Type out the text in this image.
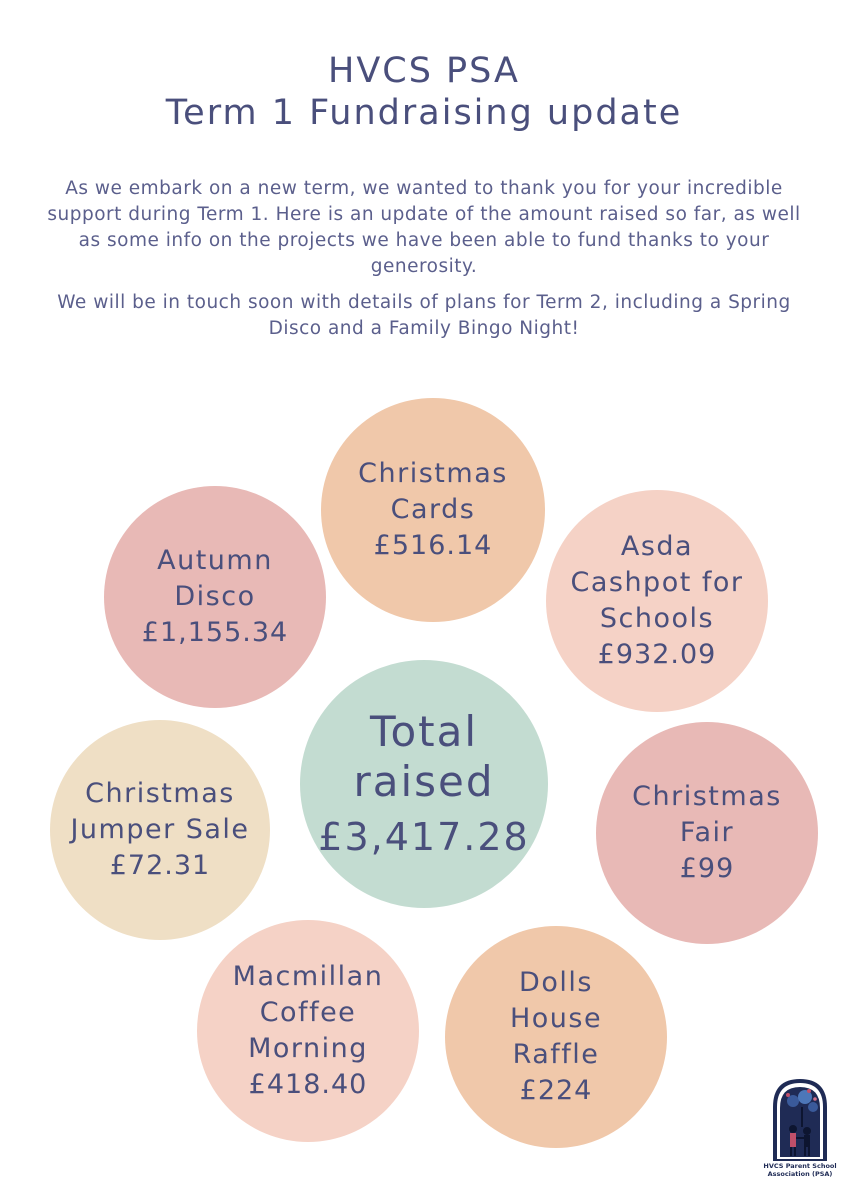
HVCS PSA
Term 1 Fundraising update
As we embark on a new term, we wanted to thank you for your incredible support during Term 1. Here is an update of the amount raised so far, as well as some info on the projects we have been able to fund thanks to your generosity.
We will be in touch soon with details of plans for Term 2, including a Spring Disco and a Family Bingo Night!
Christmas
Cards
£516.14
Autumn
Disco
£1,155.34
Asda
Cashpot for
Schools
£932.09
Total
raised
£3,417.28
Christmas
Jumper Sale
£72.31
Christmas
Fair
£99
Macmillan
Coffee
Morning
£418.40
Dolls
House
Raffle
£224
HVCS Parent School Association (PSA)
